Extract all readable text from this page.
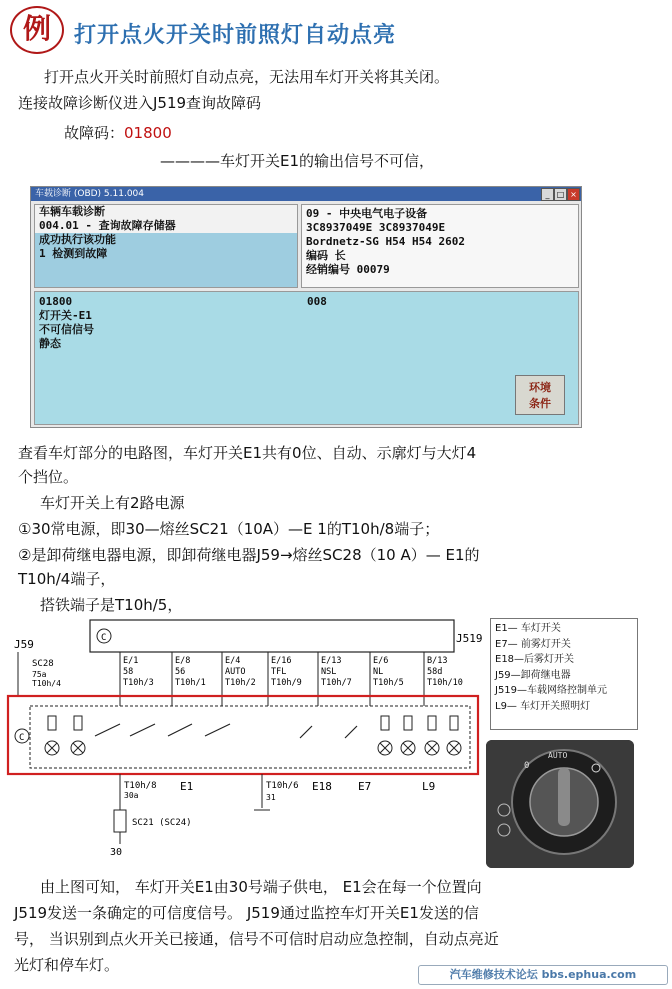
例	打开点火开关时前照灯自动点亮
打开点火开关时前照灯自动点亮，无法用车灯开关将其关闭。
连接故障诊断仪进入J519查询故障码
故障码：01800
————车灯开关E1的输出信号不可信，
车载诊断 (OBD) 5.11.004	_ □ ×
车辆车载诊断
004.01 - 查询故障存储器
成功执行该功能
1 检测到故障
09 - 中央电气电子设备
3C8937049E 3C8937049E
Bordnetz-SG H54 H54 2602
编码 长
经销编号 00079
01800
灯开关-E1
不可信信号
静态
008
环境
条件
查看车灯部分的电路图，车灯开关E1共有0位、自动、示廓灯与大灯4
个挡位。
车灯开关上有2路电源
①30常电源，即30—熔丝SC21（10A）—E 1的T10h/8端子；
②是卸荷继电器电源，即卸荷继电器J59→熔丝SC28（10 A）— E1的
T10h/4端子，
搭铁端子是T10h/5，
C	J519
J59
SC28
75a
T10h/4
E/1
58
T10h/3
E/8
56
T10h/1
E/4
AUTO
T10h/2
E/16
TFL
T10h/9
E/13
NSL
T10h/7
E/6
NL
T10h/5
B/13
58d
T10h/10
C
T10h/8
30a
SC21 (SC24)
30
T10h/6
31
E1	E18 E7	L9
E1— 车灯开关
E7— 前雾灯开关
E18—后雾灯开关
J59—卸荷继电器
J519—车载网络控制单元
L9— 车灯开关照明灯
AUTO
0
由上图可知， 车灯开关E1由30号端子供电， E1会在每一个位置向
J519发送一条确定的可信度信号。 J519通过监控车灯开关E1发送的信
号， 当识别到点火开关已接通，信号不可信时启动应急控制，自动点亮近
光灯和停车灯。
汽车维修技术论坛 bbs.ephua.com
